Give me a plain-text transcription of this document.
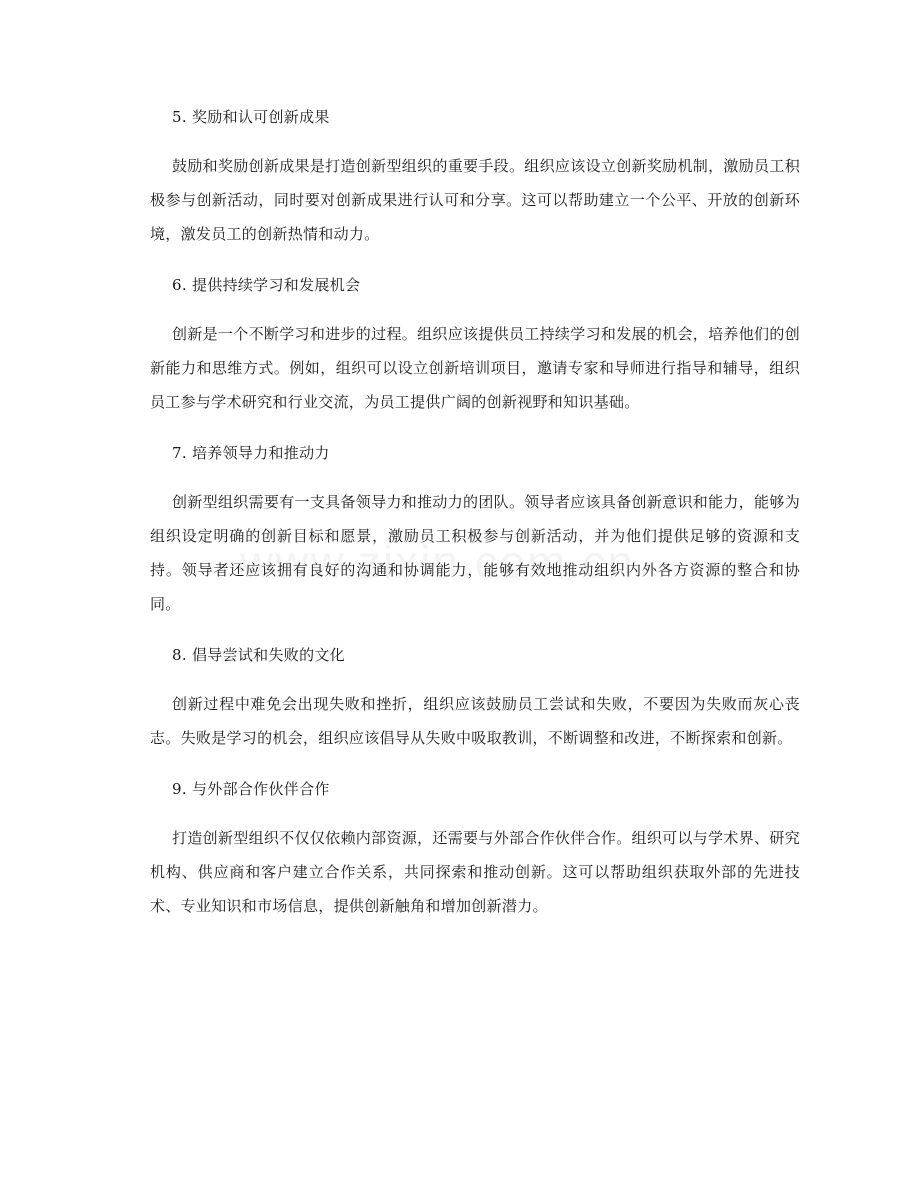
5. 奖励和认可创新成果

鼓励和奖励创新成果是打造创新型组织的重要手段。组织应该设立创新奖励机制，激励员工积极参与创新活动，同时要对创新成果进行认可和分享。这可以帮助建立一个公平、开放的创新环境，激发员工的创新热情和动力。

6. 提供持续学习和发展机会

创新是一个不断学习和进步的过程。组织应该提供员工持续学习和发展的机会，培养他们的创新能力和思维方式。例如，组织可以设立创新培训项目，邀请专家和导师进行指导和辅导，组织员工参与学术研究和行业交流，为员工提供广阔的创新视野和知识基础。

7. 培养领导力和推动力

创新型组织需要有一支具备领导力和推动力的团队。领导者应该具备创新意识和能力，能够为组织设定明确的创新目标和愿景，激励员工积极参与创新活动，并为他们提供足够的资源和支持。领导者还应该拥有良好的沟通和协调能力，能够有效地推动组织内外各方资源的整合和协同。

8. 倡导尝试和失败的文化

创新过程中难免会出现失败和挫折，组织应该鼓励员工尝试和失败，不要因为失败而灰心丧志。失败是学习的机会，组织应该倡导从失败中吸取教训，不断调整和改进，不断探索和创新。

9. 与外部合作伙伴合作

打造创新型组织不仅仅依赖内部资源，还需要与外部合作伙伴合作。组织可以与学术界、研究机构、供应商和客户建立合作关系，共同探索和推动创新。这可以帮助组织获取外部的先进技术、专业知识和市场信息，提供创新触角和增加创新潜力。
